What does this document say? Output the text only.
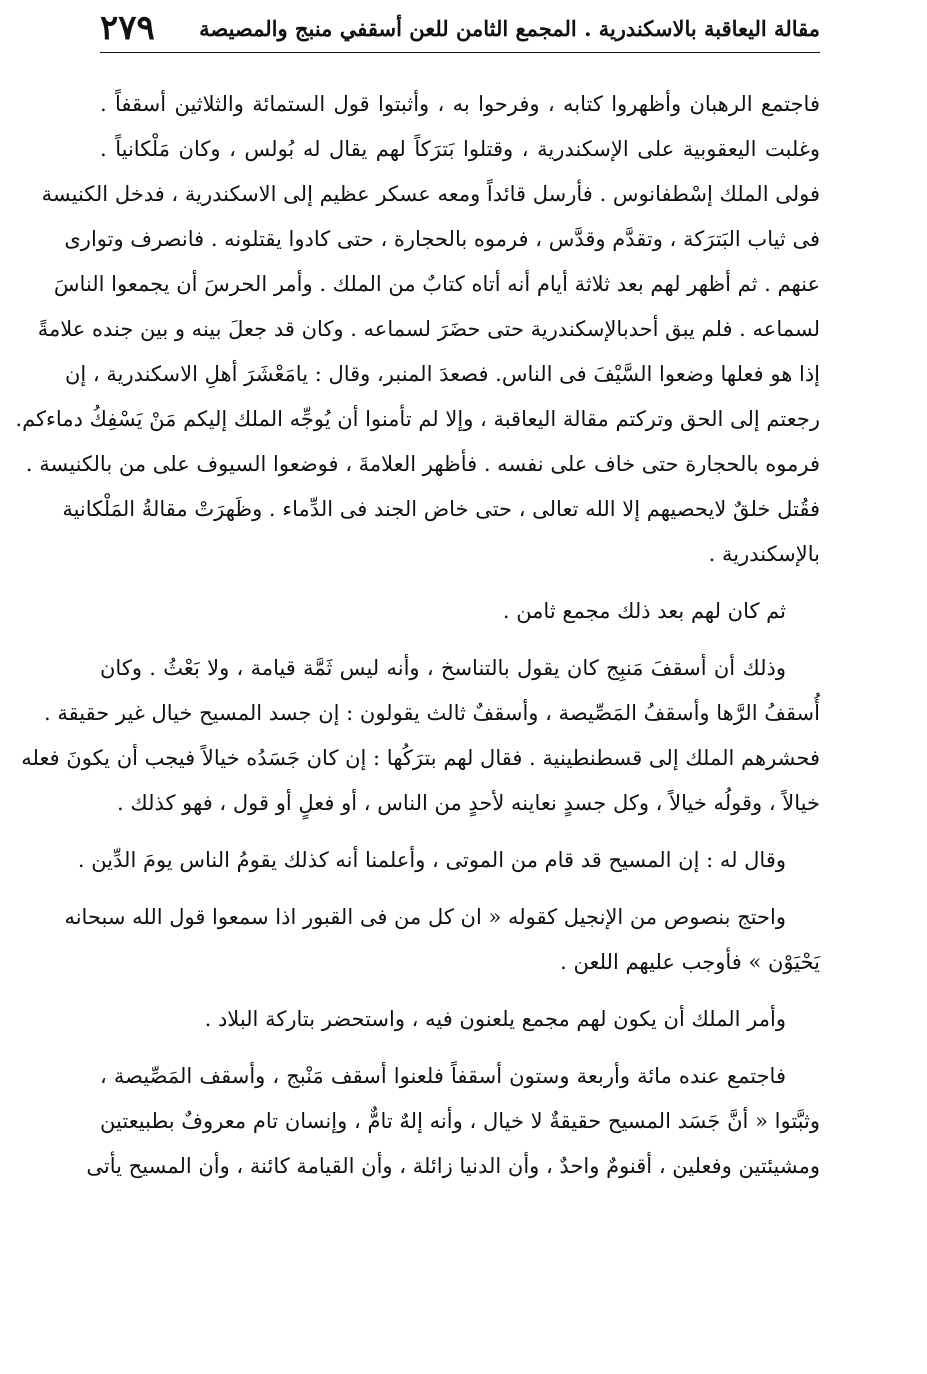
مقالة اليعاقبة بالاسكندرية . المجمع الثامن للعن أسقفي منبج والمصيصة
٢٧٩
فاجتمع الرهبان وأظهروا كتابه ، وفرحوا به ، وأثبتوا قول الستمائة والثلاثين أسقفاً .
وغلبت اليعقوبية على الإسكندرية ، وقتلوا بَترَكاً لهم يقال له بُولس ، وكان مَلْكانياً .
فولى الملك إسْطفانوس . فأرسل قائداً ومعه عسكر عظيم إلى الاسكندرية ، فدخل الكنيسة
فى ثياب البَترَكة ، وتقدَّم وقدَّس ، فرموه بالحجارة ، حتى كادوا يقتلونه . فانصرف وتوارى
عنهم . ثم أظهر لهم بعد ثلاثة أيام أنه أتاه كتابٌ من الملك . وأمر الحرسَ أن يجمعوا الناسَ
لسماعه . فلم يبق أحدبالإسكندرية حتى حضَرَ لسماعه . وكان قد جعلَ بينه و بين جنده علامةً
إذا هو فعلها وضعوا السَّيْفَ فى الناس. فصعدَ المنبر، وقال : يامَعْشَرَ أهلِ الاسكندرية ، إن
رجعتم إلى الحق وتركتم مقالة اليعاقبة ، وإلا لم تأمنوا أن يُوجِّه الملك إليكم مَنْ يَسْفِكُ دماءكم.
فرموه بالحجارة حتى خاف على نفسه . فأظهر العلامةَ ، فوضعوا السيوف على من بالكنيسة .
فقُتل خلقٌ لايحصيهم إلا الله تعالى ، حتى خاض الجند فى الدِّماء . وظَهرَتْ مقالةُ المَلْكانية
بالإسكندرية .
ثم كان لهم بعد ذلك مجمع ثامن .
وذلك أن أسقفَ مَنبِج كان يقول بالتناسخ ، وأنه ليس ثَمَّة قيامة ، ولا بَعْثُ . وكان
أُسقفُ الرَّها وأسقفُ المَصِّيصة ، وأسقفٌ ثالث يقولون : إن جسد المسيح خيال غير حقيقة .
فحشرهم الملك إلى قسطنطينية . فقال لهم بترَكُها : إن كان جَسَدُه خيالاً فيجب أن يكونَ فعله
خيالاً ، وقولُه خيالاً ، وكل جسدٍ نعاينه لأحدٍ من الناس ، أو فعلٍ أو قول ، فهو كذلك .
وقال له : إن المسيح قد قام من الموتى ، وأعلمنا أنه كذلك يقومُ الناس يومَ الدِّين .
واحتج بنصوص من الإنجيل كقوله « ان كل من فى القبور اذا سمعوا قول الله سبحانه
يَحْيَوْن » فأوجب عليهم اللعن .
وأمر الملك أن يكون لهم مجمع يلعنون فيه ، واستحضر بتاركة البلاد .
فاجتمع عنده مائة وأربعة وستون أسقفاً فلعنوا أسقف مَنْبج ، وأسقف المَصِّيصة ،
وثبَّتوا « أنَّ جَسَد المسيح حقيقةٌ لا خيال ، وأنه إلهٌ تامٌّ ، وإنسان تام معروفٌ بطبيعتين
ومشيئتين وفعلين ، أقنومٌ واحدٌ ، وأن الدنيا زائلة ، وأن القيامة كائنة ، وأن المسيح يأتى
